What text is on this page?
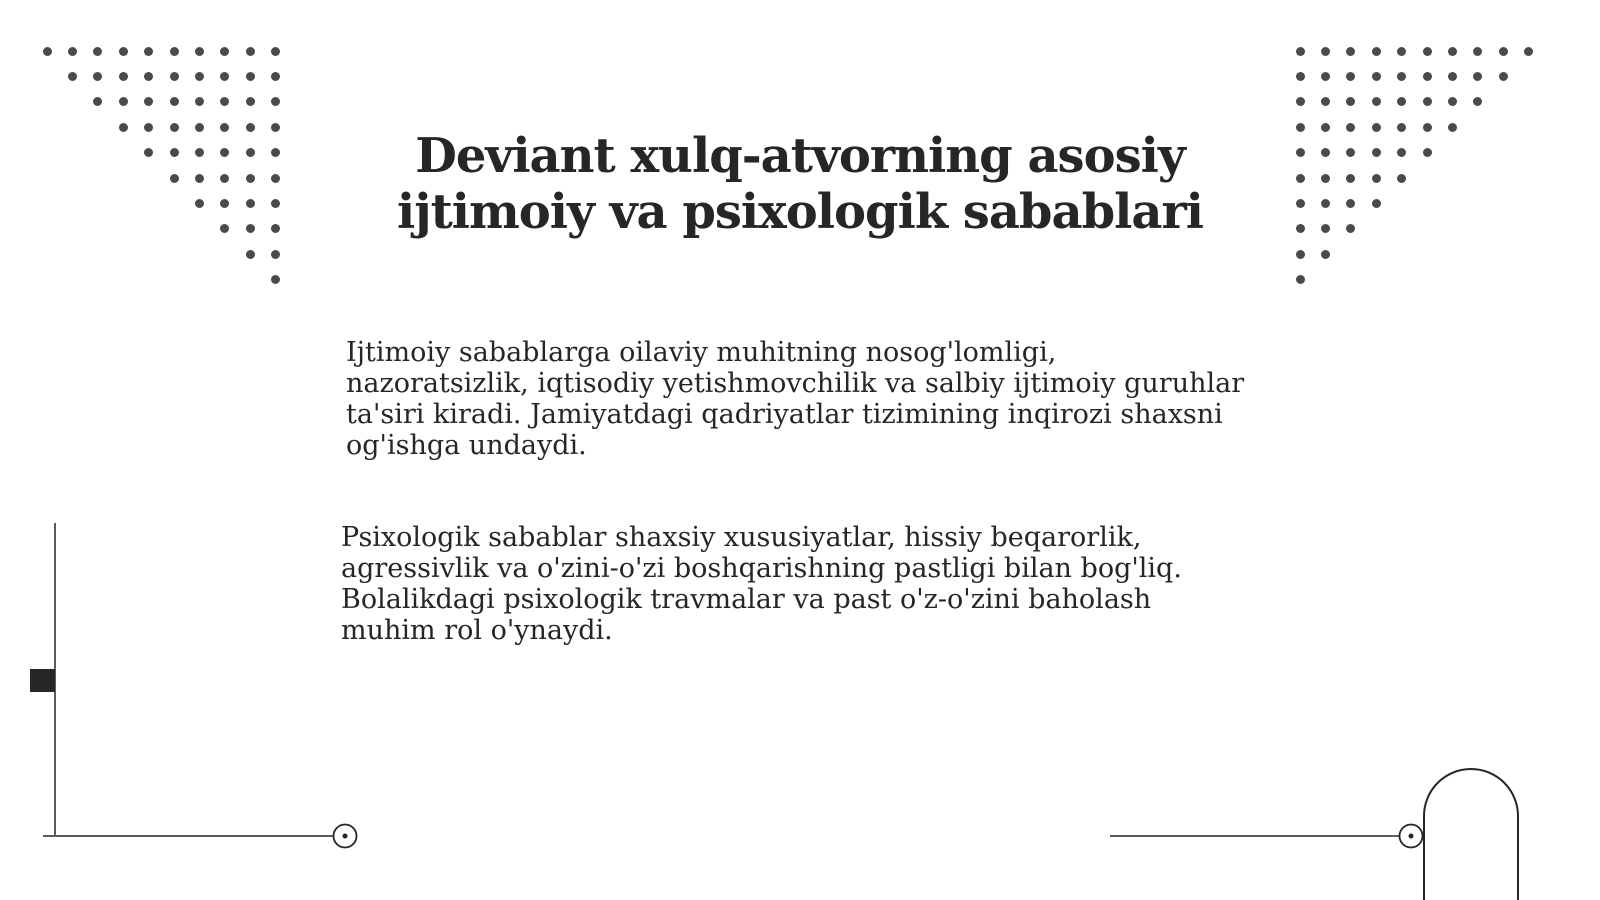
Deviant xulq-atvorning asosiy
ijtimoiy va psixologik sabablari
Ijtimoiy sabablarga oilaviy muhitning nosog'lomligi,
nazoratsizlik, iqtisodiy yetishmovchilik va salbiy ijtimoiy guruhlar
ta'siri kiradi. Jamiyatdagi qadriyatlar tizimining inqirozi shaxsni
og'ishga undaydi.
Psixologik sabablar shaxsiy xususiyatlar, hissiy beqarorlik,
agressivlik va o'zini-o'zi boshqarishning pastligi bilan bog'liq.
Bolalikdagi psixologik travmalar va past o'z-o'zini baholash
muhim rol o'ynaydi.
